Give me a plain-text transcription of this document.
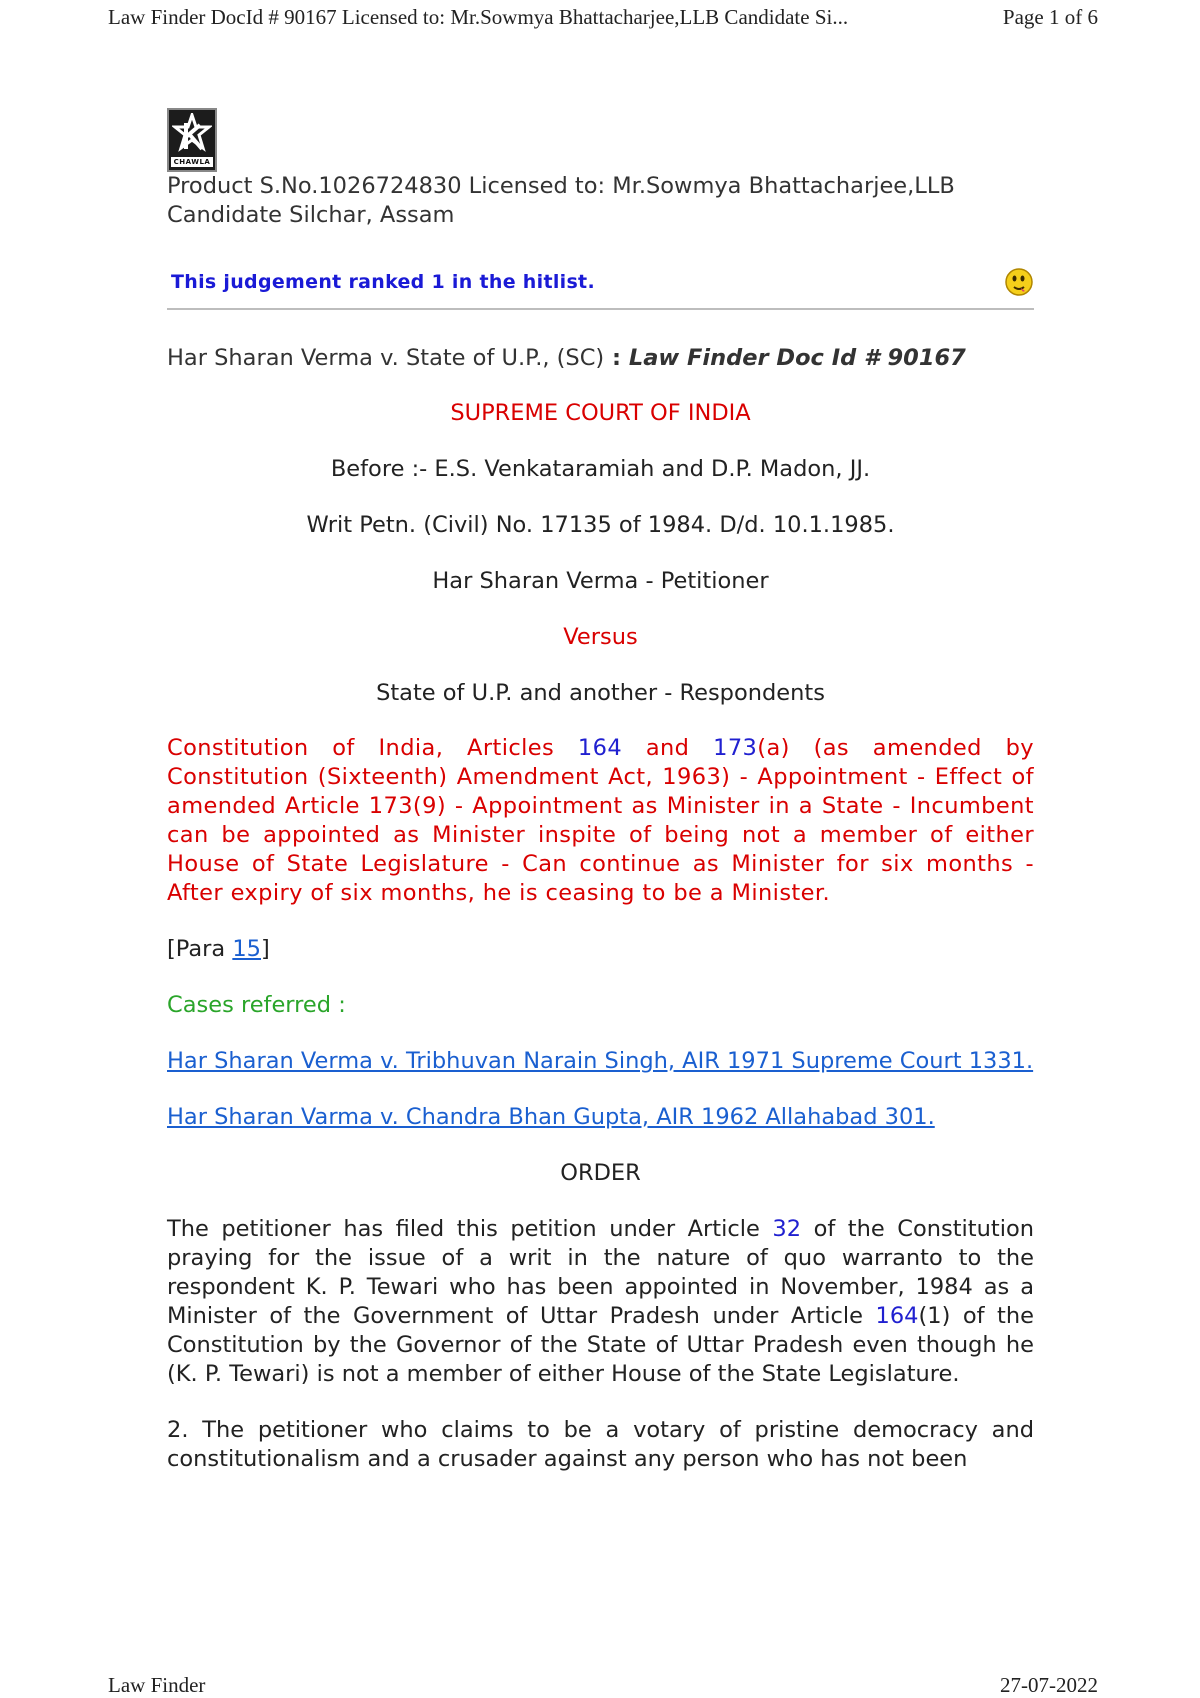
Law Finder DocId # 90167 Licensed to: Mr.Sowmya Bhattacharjee,LLB Candidate Si...	Page 1 of 6
CHAWLA
Product S.No.1026724830 Licensed to: Mr.Sowmya Bhattacharjee,LLB Candidate Silchar, Assam
This judgement ranked 1 in the hitlist.
Har Sharan Verma v. State of U.P., (SC) : Law Finder Doc Id # 90167
SUPREME COURT OF INDIA
Before :- E.S. Venkataramiah and D.P. Madon, JJ.
Writ Petn. (Civil) No. 17135 of 1984. D/d. 10.1.1985.
Har Sharan Verma - Petitioner
Versus
State of U.P. and another - Respondents
Constitution of India, Articles 164 and 173(a) (as amended by Constitution (Sixteenth) Amendment Act, 1963) - Appointment - Effect of amended Article 173(9) - Appointment as Minister in a State - Incumbent can be appointed as Minister inspite of being not a member of either House of State Legislature - Can continue as Minister for six months - After expiry of six months, he is ceasing to be a Minister.
[Para 15]
Cases referred :
Har Sharan Verma v. Tribhuvan Narain Singh, AIR 1971 Supreme Court 1331.
Har Sharan Varma v. Chandra Bhan Gupta, AIR 1962 Allahabad 301.
ORDER
The petitioner has filed this petition under Article 32 of the Constitution praying for the issue of a writ in the nature of quo warranto to the respondent K. P. Tewari who has been appointed in November, 1984 as a Minister of the Government of Uttar Pradesh under Article 164(1) of the Constitution by the Governor of the State of Uttar Pradesh even though he (K. P. Tewari) is not a member of either House of the State Legislature.
2. The petitioner who claims to be a votary of pristine democracy and constitutionalism and a crusader against any person who has not been
Law Finder	27-07-2022
